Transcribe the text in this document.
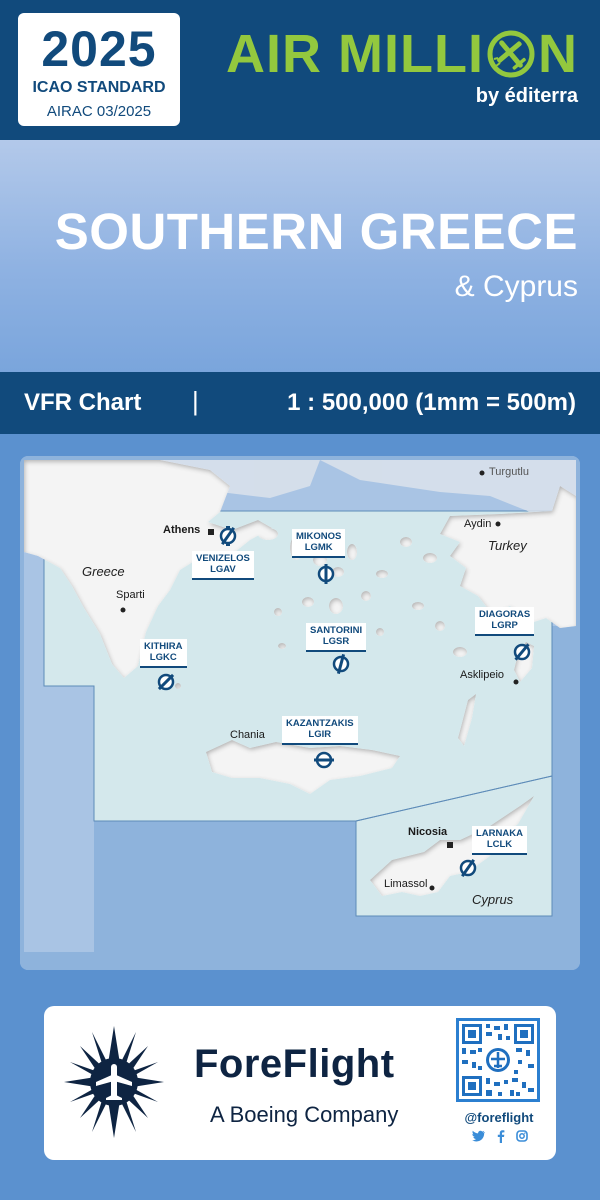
2025
ICAO STANDARD
AIRAC 03/2025
AIR MILLI N
by éditerra
SOUTHERN GREECE
& Cyprus
VFR Chart |	1 : 500,000 (1mm = 500m)
Athens
Sparti
Chania
Aydin
Turgutlu
Asklipeio
Nicosia
Limassol
Greece
Turkey
Cyprus
VENIZELOS
LGAV
MIKONOS
LGMK
KITHIRA
LGKC
SANTORINI
LGSR
DIAGORAS
LGRP
KAZANTZAKIS
LGIR
LARNAKA
LCLK
ForeFlight
A Boeing Company	@foreflight
